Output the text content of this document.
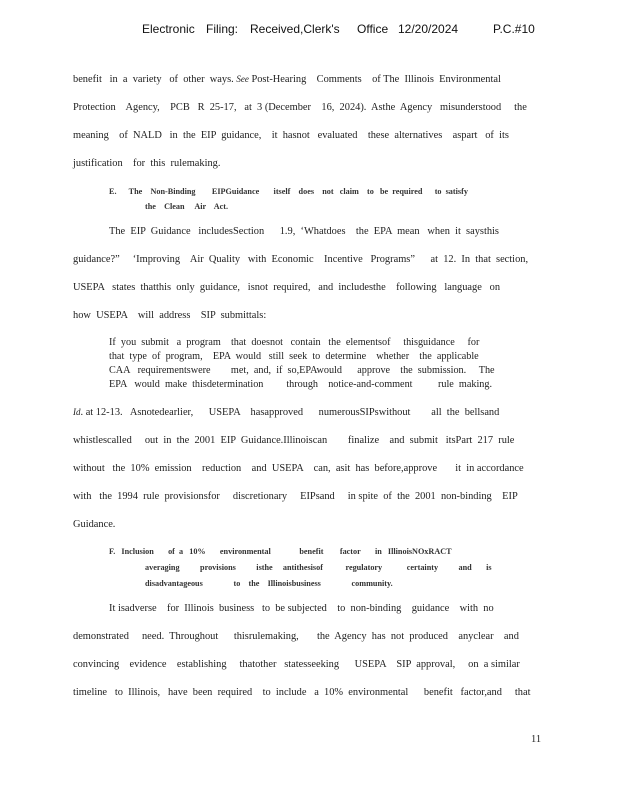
Electronic Filing: Received,Clerk's Office 12/20/2024	P.C.#10
benefit   in  a  variety   of  other  ways. See Post-Hearing    Comments    of The  Illinois  Environmental
Protection    Agency,    PCB   R  25-17,   at  3 (December    16,  2024).  Asthe  Agency   misunderstood     the
meaning    of  NALD   in  the  EIP  guidance,    it  hasnot   evaluated    these  alternatives    aspart   of  its
justification    for  this  rulemaking.
E.      The    Non-Binding        EIPGuidance       itself    does    not   claim    to   be  required      to  satisfy
the    Clean     Air    Act.
The  EIP  Guidance   includesSection      1.9,  ‘Whatdoes    the  EPA  mean   when  it  saysthis
guidance?”     ‘Improving    Air  Quality   with  Economic    Incentive   Programs”      at  12.  In  that  section,
USEPA   states  thatthis  only  guidance,   isnot  required,   and  includesthe    following   language   on
how  USEPA    will  address    SIP  submittals:
If  you  submit   a  program    that  doesnot   contain   the  elementsof     thisguidance     for
that  type  of  program,    EPA  would   still  seek  to  determine    whether    the  applicable
CAA   requirementswere        met,  and,  if  so,EPAwould      approve    the  submission.     The
EPA   would  make  thisdetermination         through    notice-and-comment          rule  making.
Id. at 12-13.   Asnotedearlier,      USEPA    hasapproved      numerousSIPswithout        all  the  bellsand
whistlescalled     out  in  the  2001  EIP  Guidance.Illinoiscan        finalize    and  submit   itsPart  217  rule
without   the  10%  emission    reduction    and  USEPA    can,  asit  has  before,approve       it  in accordance
with   the  1994  rule  provisionsfor     discretionary     EIPsand     in spite  of  the  2001  non-binding    EIP
Guidance.
F.   Inclusion       of  a   10%       environmental              benefit        factor       in   IllinoisNOxRACT
averaging          provisions          isthe     antithesisof           regulatory            certainty          and       is
disadvantageous               to    the    Illinoisbusiness               community.
It isadverse    for  Illinois  business   to  be subjected    to  non-binding    guidance    with  no
demonstrated     need.  Throughout      thisrulemaking,       the  Agency  has  not  produced    anyclear    and
convincing    evidence    establishing     thatother   statesseeking      USEPA    SIP  approval,     on  a similar
timeline   to  Illinois,   have  been  required    to  include   a  10%  environmental      benefit   factor,and     that
11
